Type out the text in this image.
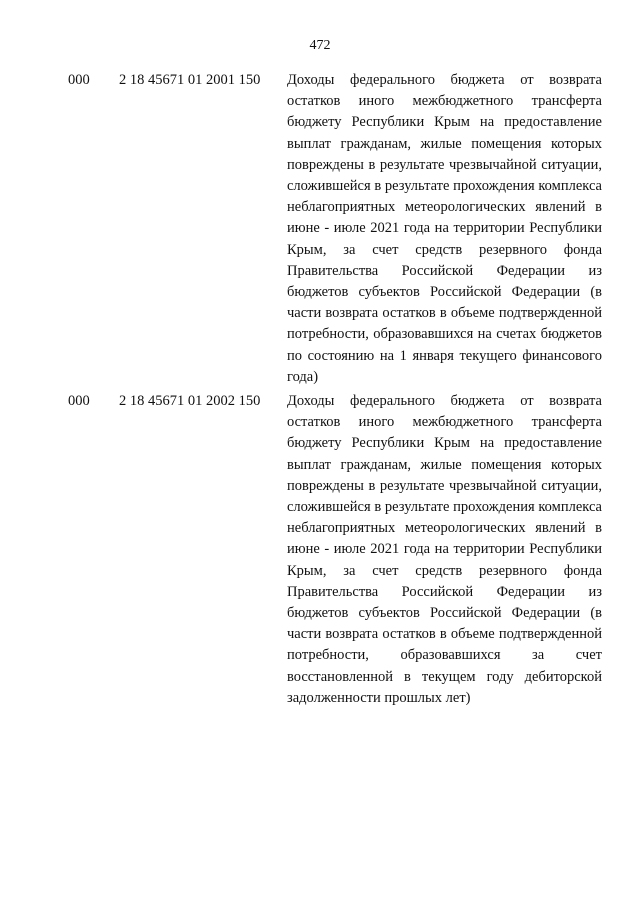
472
000 2 18 45671 01 2001 150 Доходы федерального бюджета от возврата остатков иного межбюджетного трансферта бюджету Республики Крым на предоставление выплат гражданам, жилые помещения которых повреждены в результате чрезвычайной ситуации, сложившейся в результате прохождения комплекса неблагоприятных метеорологических явлений в июне - июле 2021 года на территории Республики Крым, за счет средств резервного фонда Правительства Российской Федерации из бюджетов субъектов Российской Федерации (в части возврата остатков в объеме подтвержденной потребности, образовавшихся на счетах бюджетов по состоянию на 1 января текущего финансового года)
000 2 18 45671 01 2002 150 Доходы федерального бюджета от возврата остатков иного межбюджетного трансферта бюджету Республики Крым на предоставление выплат гражданам, жилые помещения которых повреждены в результате чрезвычайной ситуации, сложившейся в результате прохождения комплекса неблагоприятных метеорологических явлений в июне - июле 2021 года на территории Республики Крым, за счет средств резервного фонда Правительства Российской Федерации из бюджетов субъектов Российской Федерации (в части возврата остатков в объеме подтвержденной потребности, образовавшихся за счет восстановленной в текущем году дебиторской задолженности прошлых лет)
